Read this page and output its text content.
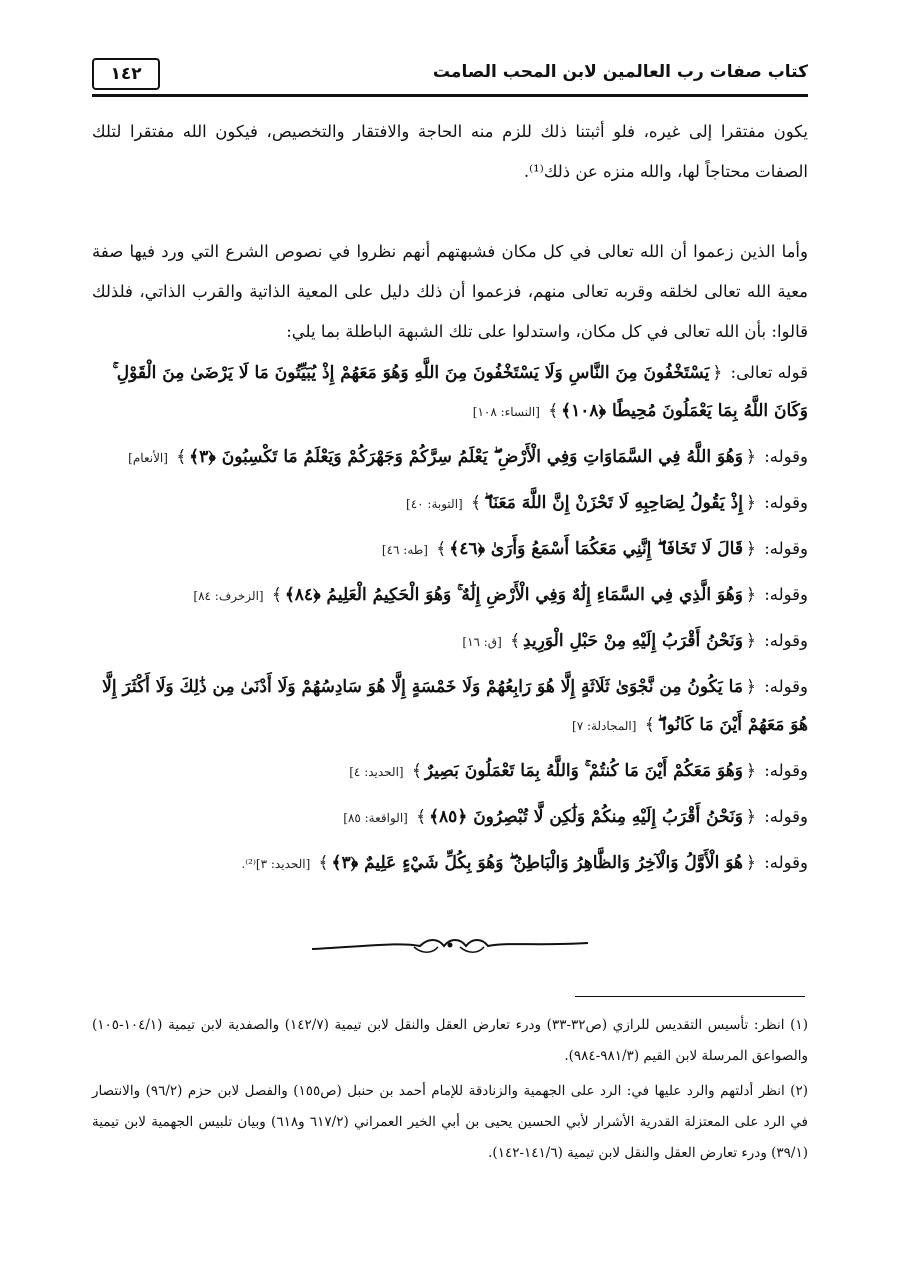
كتاب صفات رب العالمين لابن المحب الصامت
١٤٢

يكون مفتقرا إلى غيره، فلو أثبتنا ذلك للزم منه الحاجة والافتقار والتخصيص، فيكون الله مفتقرا لتلك الصفات محتاجاً لها، والله منزه عن ذلك⁽¹⁾.

وأما الذين زعموا أن الله تعالى في كل مكان فشبهتهم أنهم نظروا في نصوص الشرع التي ورد فيها صفة معية الله تعالى لخلقه وقربه تعالى منهم، فزعموا أن ذلك دليل على المعية الذاتية والقرب الذاتي، فلذلك قالوا: بأن الله تعالى في كل مكان، واستدلوا على تلك الشبهة الباطلة بما يلي:

قوله تعالى: ﴿يَسْتَخْفُونَ مِنَ النَّاسِ وَلَا يَسْتَخْفُونَ مِنَ اللَّهِ وَهُوَ مَعَهُمْ إِذْ يُبَيِّتُونَ مَا لَا يَرْضَىٰ مِنَ الْقَوْلِ ۚ وَكَانَ اللَّهُ بِمَا يَعْمَلُونَ مُحِيطًا ﴿١٠٨﴾﴾ [النساء: ١٠٨]
وقوله: ﴿وَهُوَ اللَّهُ فِي السَّمَاوَاتِ وَفِي الْأَرْضِ ۖ يَعْلَمُ سِرَّكُمْ وَجَهْرَكُمْ وَيَعْلَمُ مَا تَكْسِبُونَ ﴿٣﴾﴾ [الأنعام]
وقوله: ﴿إِذْ يَقُولُ لِصَاحِبِهِ لَا تَحْزَنْ إِنَّ اللَّهَ مَعَنَا ۖ﴾ [التوبة: ٤٠]
وقوله: ﴿قَالَ لَا تَخَافَا ۖ إِنَّنِي مَعَكُمَا أَسْمَعُ وَأَرَىٰ ﴿٤٦﴾﴾ [طه: ٤٦]
وقوله: ﴿وَهُوَ الَّذِي فِي السَّمَاءِ إِلَٰهٌ وَفِي الْأَرْضِ إِلَٰهٌ ۚ وَهُوَ الْحَكِيمُ الْعَلِيمُ ﴿٨٤﴾﴾ [الزخرف: ٨٤]
وقوله: ﴿وَنَحْنُ أَقْرَبُ إِلَيْهِ مِنْ حَبْلِ الْوَرِيدِ﴾ [ق: ١٦]
وقوله: ﴿مَا يَكُونُ مِن نَّجْوَىٰ ثَلَاثَةٍ إِلَّا هُوَ رَابِعُهُمْ وَلَا خَمْسَةٍ إِلَّا هُوَ سَادِسُهُمْ وَلَا أَدْنَىٰ مِن ذَٰلِكَ وَلَا أَكْثَرَ إِلَّا هُوَ مَعَهُمْ أَيْنَ مَا كَانُوا ۖ﴾ [المجادلة: ٧]
وقوله: ﴿وَهُوَ مَعَكُمْ أَيْنَ مَا كُنتُمْ ۚ وَاللَّهُ بِمَا تَعْمَلُونَ بَصِيرٌ﴾ [الحديد: ٤]
وقوله: ﴿وَنَحْنُ أَقْرَبُ إِلَيْهِ مِنكُمْ وَلَٰكِن لَّا تُبْصِرُونَ ﴿٨٥﴾﴾ [الواقعة: ٨٥]
وقوله: ﴿هُوَ الْأَوَّلُ وَالْآخِرُ وَالظَّاهِرُ وَالْبَاطِنُ ۖ وَهُوَ بِكُلِّ شَيْءٍ عَلِيمٌ ﴿٣﴾﴾ [الحديد: ٣]⁽²⁾.

(١) انظر: تأسيس التقديس للرازي (ص٣٢-٣٣) ودرء تعارض العقل والنقل لابن تيمية (١٤٢/٧) والصفدية لابن تيمية (١٠٤/١-١٠٥) والصواعق المرسلة لابن القيم (٩٨١/٣-٩٨٤).

(٢) انظر أدلتهم والرد عليها في: الرد على الجهمية والزنادقة للإمام أحمد بن حنبل (ص١٥٥) والفصل لابن حزم (٩٦/٢) والانتصار في الرد على المعتزلة القدرية الأشرار لأبي الحسين يحيى بن أبي الخير العمراني (٦١٧/٢ و٦١٨) وبيان تلبيس الجهمية لابن تيمية (٣٩/١) ودرء تعارض العقل والنقل لابن تيمية (١٤١/٦-١٤٢).
